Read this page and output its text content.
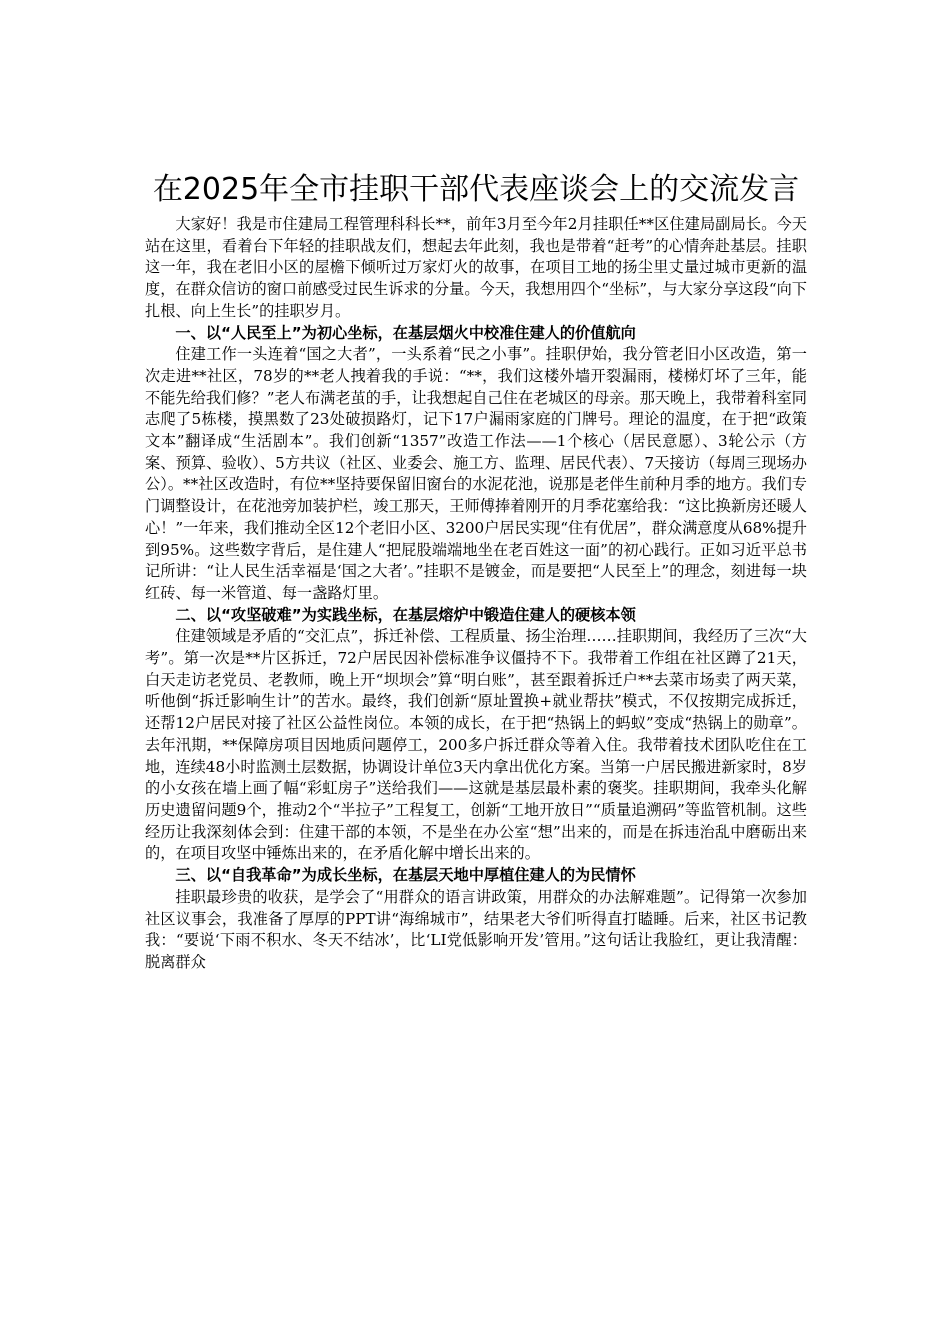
在2025年全市挂职干部代表座谈会上的交流发言

大家好！我是市住建局工程管理科科长**，前年3月至今年2月挂职任**区住建局副局长。今天站在这里，看着台下年轻的挂职战友们，想起去年此刻，我也是带着“赶考”的心情奔赴基层。挂职这一年，我在老旧小区的屋檐下倾听过万家灯火的故事，在项目工地的扬尘里丈量过城市更新的温度，在群众信访的窗口前感受过民生诉求的分量。今天，我想用四个“坐标”，与大家分享这段“向下扎根、向上生长”的挂职岁月。

一、以“人民至上”为初心坐标，在基层烟火中校准住建人的价值航向

住建工作一头连着“国之大者”，一头系着“民之小事”。挂职伊始，我分管老旧小区改造，第一次走进**社区，78岁的**老人拽着我的手说：“**，我们这楼外墙开裂漏雨，楼梯灯坏了三年，能不能先给我们修？”老人布满老茧的手，让我想起自己住在老城区的母亲。那天晚上，我带着科室同志爬了5栋楼，摸黑数了23处破损路灯，记下17户漏雨家庭的门牌号。理论的温度，在于把“政策文本”翻译成“生活剧本”。我们创新“1357”改造工作法——1个核心（居民意愿）、3轮公示（方案、预算、验收）、5方共议（社区、业委会、施工方、监理、居民代表）、7天接访（每周三现场办公）。**社区改造时，有位**坚持要保留旧窗台的水泥花池，说那是老伴生前种月季的地方。我们专门调整设计，在花池旁加装护栏，竣工那天，王师傅捧着刚开的月季花塞给我：“这比换新房还暖人心！”一年来，我们推动全区12个老旧小区、3200户居民实现“住有优居”，群众满意度从68%提升到95%。这些数字背后，是住建人“把屁股端端地坐在老百姓这一面”的初心践行。正如习近平总书记所讲：“让人民生活幸福是‘国之大者’。”挂职不是镀金，而是要把“人民至上”的理念，刻进每一块红砖、每一米管道、每一盏路灯里。

二、以“攻坚破难”为实践坐标，在基层熔炉中锻造住建人的硬核本领

住建领域是矛盾的“交汇点”，拆迁补偿、工程质量、扬尘治理……挂职期间，我经历了三次“大考”。第一次是**片区拆迁，72户居民因补偿标准争议僵持不下。我带着工作组在社区蹲了21天，白天走访老党员、老教师，晚上开“坝坝会”算“明白账”，甚至跟着拆迁户**去菜市场卖了两天菜，听他倒“拆迁影响生计”的苦水。最终，我们创新“原址置换+就业帮扶”模式，不仅按期完成拆迁，还帮12户居民对接了社区公益性岗位。本领的成长，在于把“热锅上的蚂蚁”变成“热锅上的勋章”。去年汛期，**保障房项目因地质问题停工，200多户拆迁群众等着入住。我带着技术团队吃住在工地，连续48小时监测土层数据，协调设计单位3天内拿出优化方案。当第一户居民搬进新家时，8岁的小女孩在墙上画了幅“彩虹房子”送给我们——这就是基层最朴素的褒奖。挂职期间，我牵头化解历史遗留问题9个，推动2个“半拉子”工程复工，创新“工地开放日”“质量追溯码”等监管机制。这些经历让我深刻体会到：住建干部的本领，不是坐在办公室“想”出来的，而是在拆违治乱中磨砺出来的，在项目攻坚中锤炼出来的，在矛盾化解中增长出来的。

三、以“自我革命”为成长坐标，在基层天地中厚植住建人的为民情怀

挂职最珍贵的收获，是学会了“用群众的语言讲政策，用群众的办法解难题”。记得第一次参加社区议事会，我准备了厚厚的PPT讲“海绵城市”，结果老大爷们听得直打瞌睡。后来，社区书记教我：“要说‘下雨不积水、冬天不结冰’，比‘LI党低影响开发’管用。”这句话让我脸红，更让我清醒：脱离群众
